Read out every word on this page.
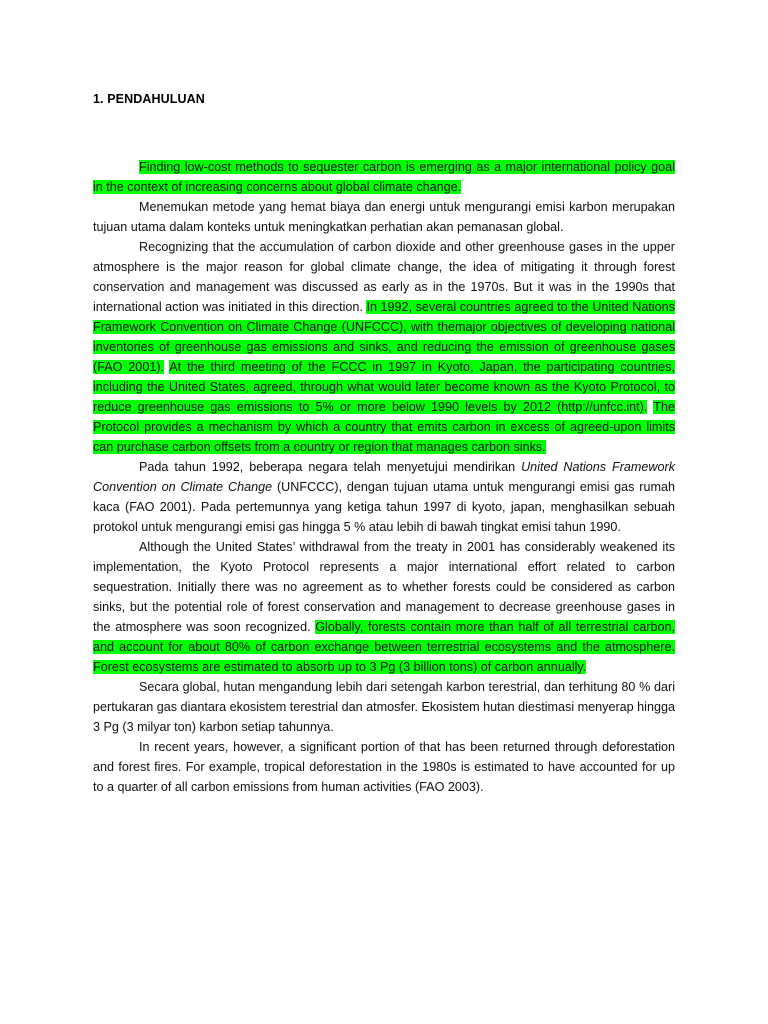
1. PENDAHULUAN

Finding low-cost methods to sequester carbon is emerging as a major international policy goal in the context of increasing concerns about global climate change.

Menemukan metode yang hemat biaya dan energi untuk mengurangi emisi karbon merupakan tujuan utama dalam konteks untuk meningkatkan perhatian akan pemanasan global.

Recognizing that the accumulation of carbon dioxide and other greenhouse gases in the upper atmosphere is the major reason for global climate change, the idea of mitigating it through forest conservation and management was discussed as early as in the 1970s. But it was in the 1990s that international action was initiated in this direction. In 1992, several countries agreed to the United Nations Framework Convention on Climate Change (UNFCCC), with themajor objectives of developing national inventories of greenhouse gas emissions and sinks, and reducing the emission of greenhouse gases (FAO 2001). At the third meeting of the FCCC in 1997 in Kyoto, Japan, the participating countries, including the United States, agreed, through what would later become known as the Kyoto Protocol, to reduce greenhouse gas emissions to 5% or more below 1990 levels by 2012 (http://unfcc.int). The Protocol provides a mechanism by which a country that emits carbon in excess of agreed-upon limits can purchase carbon offsets from a country or region that manages carbon sinks.

Pada tahun 1992, beberapa negara telah menyetujui mendirikan United Nations Framework Convention on Climate Change (UNFCCC), dengan tujuan utama untuk mengurangi emisi gas rumah kaca (FAO 2001). Pada pertemunnya yang ketiga tahun 1997 di kyoto, japan, menghasilkan sebuah protokol untuk mengurangi emisi gas hingga 5 % atau lebih di bawah tingkat emisi tahun 1990.

Although the United States’ withdrawal from the treaty in 2001 has considerably weakened its implementation, the Kyoto Protocol represents a major international effort related to carbon sequestration. Initially there was no agreement as to whether forests could be considered as carbon sinks, but the potential role of forest conservation and management to decrease greenhouse gases in the atmosphere was soon recognized. Globally, forests contain more than half of all terrestrial carbon, and account for about 80% of carbon exchange between terrestrial ecosystems and the atmosphere. Forest ecosystems are estimated to absorb up to 3 Pg (3 billion tons) of carbon annually.

Secara global, hutan mengandung lebih dari setengah karbon terestrial, dan terhitung 80 % dari pertukaran gas diantara ekosistem terestrial dan atmosfer. Ekosistem hutan diestimasi menyerap hingga 3 Pg (3 milyar ton) karbon setiap tahunnya.

In recent years, however, a significant portion of that has been returned through deforestation and forest fires. For example, tropical deforestation in the 1980s is estimated to have accounted for up to a quarter of all carbon emissions from human activities (FAO 2003).
